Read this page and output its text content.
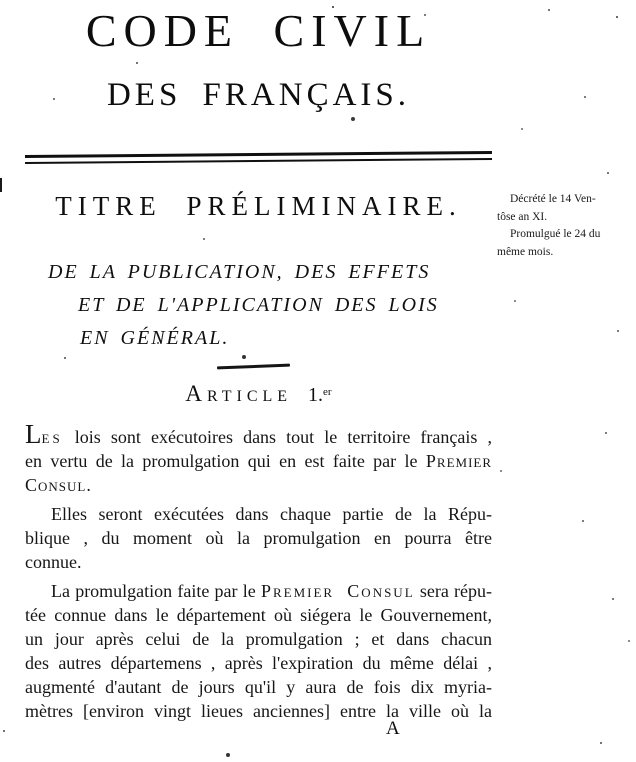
CODE CIVIL
DES FRANÇAIS.
TITRE PRÉLIMINAIRE.	Décrété le 14 Ven-
tôse an XI.
Promulgué le 24 du
même mois.
DE LA PUBLICATION, DES EFFETS
ET DE L'APPLICATION DES LOIS
EN GÉNÉRAL.
Article 1.$^{er}$
Les lois sont exécutoires dans tout le territoire français ,
en vertu de la promulgation qui en est faite par le Premier
Consul.
Elles seront exécutées dans chaque partie de la Répu-
blique , du moment où la promulgation en pourra être
connue.
La promulgation faite par le Premier Consul sera répu-
tée connue dans le département où siégera le Gouvernement,
un jour après celui de la promulgation ; et dans chacun
des autres départemens , après l'expiration du même délai ,
augmenté d'autant de jours qu'il y aura de fois dix myria-
mètres [environ vingt lieues anciennes] entre la ville où la
A
